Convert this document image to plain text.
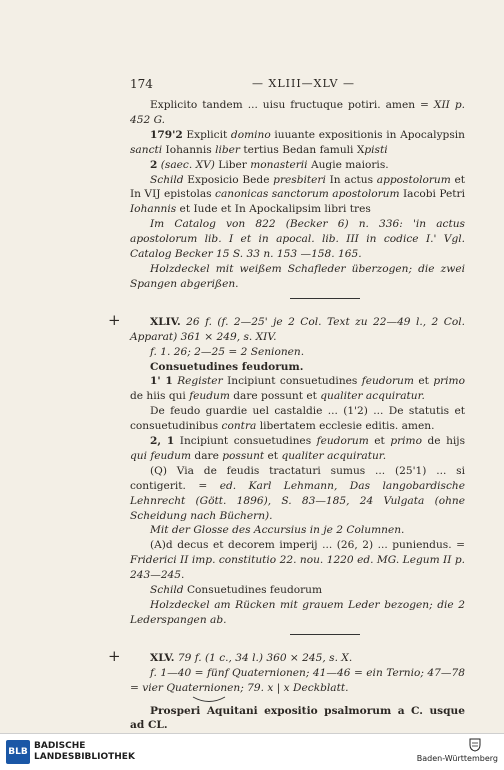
174	— XLIII—XLV —

Explicito tandem ... uisu fructuque potiri. amen = XII p. 452 G.

179'2 Explicit domino iuuante expositionis in Apocalypsin sancti Iohannis liber tertius Bedan famuli Xpisti

2 (saec. XV) Liber monasterii Augie maioris.

Schild Exposicio Bede presbiteri In actus appostolorum et In VIJ epistolas canonicas sanctorum apostolorum Iacobi Petri Iohannis et Iude et In Apockalipsim libri tres

Im Catalog von 822 (Becker 6) n. 336: 'in actus apostolorum lib. I et in apocal. lib. III in codice I.' Vgl. Catalog Becker 15 S. 33 n. 153 —158. 165.

Holzdeckel mit weißem Schafleder überzogen; die zwei Spangen abgerißen.

+	XLIV. 26 f. (f. 2—25' je 2 Col. Text zu 22—49 l., 2 Col. Apparat) 361 × 249, s. XIV.

f. 1. 26; 2—25 = 2 Senionen.

Consuetudines feudorum.

1' 1 Register Incipiunt consuetudines feudorum et primo de hiis qui feudum dare possunt et qualiter acquiratur.

De feudo guardie uel castaldie ... (1'2) ... De statutis et consuetudinibus contra libertatem ecclesie editis. amen.

2, 1 Incipiunt consuetudines feudorum et primo de hijs qui feudum dare possunt et qualiter acquiratur.

(Q) Via de feudis tractaturi sumus ... (25'1) ... si contigerit. = ed. Karl Lehmann, Das langobardische Lehnrecht (Gött. 1896), S. 83—185, 24 Vulgata (ohne Scheidung nach Büchern).

Mit der Glosse des Accursius in je 2 Columnen.

(A)d decus et decorem imperij ... (26, 2) ... puniendus. = Friderici II imp. constitutio 22. nou. 1220 ed. MG. Legum II p. 243—245.

Schild Consuetudines feudorum

Holzdeckel am Rücken mit grauem Leder bezogen; die 2 Lederspangen ab.

+	XLV. 79 f. (1 c., 34 l.) 360 × 245, s. X.

f. 1—40 = fünf Quaternionen; 41—46 = ein Ternio; 47—78 = vier Quaternionen; 79. x | x Deckblatt.

Prosperi Aquitani expositio psalmorum a C. usque ad CL.

BLB
BADISCHE
LANDESBIBLIOTHEK	Baden-Württemberg
